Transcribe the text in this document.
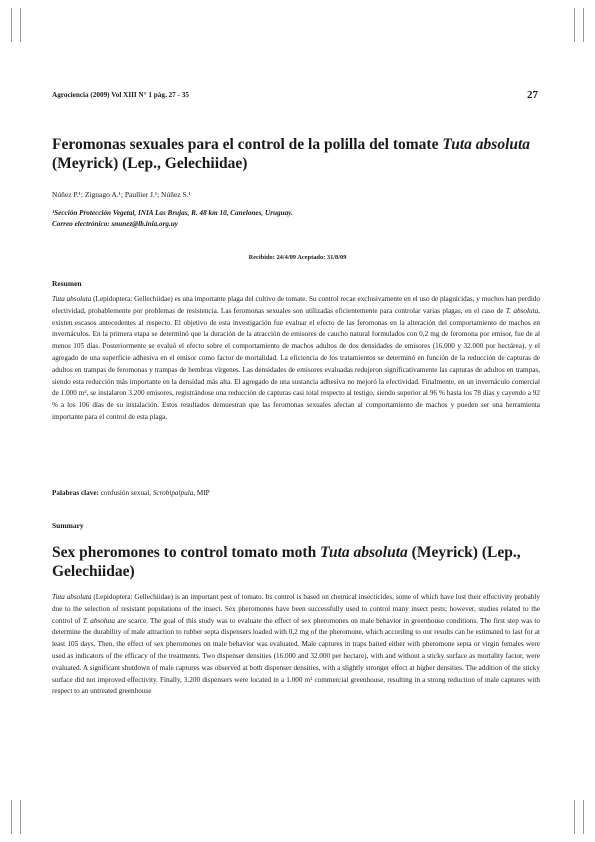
Agrociencia (2009) Vol XIII N° 1 pág. 27 - 35	27
Feromonas sexuales para el control de la polilla del tomate Tuta absoluta (Meyrick) (Lep., Gelechiidae)
Núñez P.¹; Zignago A.¹; Paullier J.¹; Núñez S.¹
¹Sección Protección Vegetal, INIA Las Brujas, R. 48 km 10, Canelones, Uruguay.
Correo electrónico: snunez@lb.inia.org.uy
Recibido: 24/4/09 Aceptado: 31/8/09
Resumen

Tuta absoluta (Lepidoptera: Gellechiidae) es una importante plaga del cultivo de tomate. Su control recae exclusivamente en el uso de plaguicidas, y muchos han perdido efectividad, probablemente por problemas de resistencia. Las feromonas sexuales son utilizadas eficientemente para controlar varias plagas, en el caso de T. absoluta, existen escasos antecedentes al respecto. El objetivo de esta investigación fue evaluar el efecto de las feromonas en la alteración del comportamiento de machos en invernáculos. En la primera etapa se determinó que la duración de la atracción de emisores de caucho natural formulados con 0,2 mg de feromona por emisor, fue de al menos 105 días. Posteriormente se evaluó el efecto sobre el comportamiento de machos adultos de dos densidades de emisores (16.000 y 32.000 por hectárea), y el agregado de una superficie adhesiva en el emisor como factor de mortalidad. La eficiencia de los tratamientos se determinó en función de la reducción de capturas de adultos en trampas de feromonas y trampas de hembras vírgenes. Las densidades de emisores evaluadas redujeron significativamente las capturas de adultos en trampas, siendo esta reducción más importante en la densidad más alta. El agregado de una sustancia adhesiva no mejoró la efectividad. Finalmente, en un invernáculo comercial de 1.000 m², se instalaron 3.200 emisores, registrándose una reducción de capturas casi total respecto al testigo, siendo superior al 96 % hasta los 78 días y cayendo a 92 % a los 106 días de su instalación. Estos resultados demuestran que las feromonas sexuales afectan al comportamiento de machos y pueden ser una herramienta importante para el control de esta plaga.

Palabras clave: confusión sexual, Scrobipalpula, MIP
Summary
Sex pheromones to control tomato moth Tuta absoluta (Meyrick) (Lep., Gelechiidae)

Tuta absoluta (Lepidoptera: Gellechiidae) is an important pest of tomato. Its control is based on chemical insecticides, some of which have lost their effectivity probably due to the selection of resistant populations of the insect. Sex pheromones have been successfully used to control many insect pests; however, studies related to the control of T. absoluta are scarce. The goal of this study was to evaluate the effect of sex pheromones on male behavior in greenhouse conditions. The first step was to determine the durability of male attraction to rubber septa dispensers loaded with 0,2 mg of the pheromone, which according to our results can be estimated to last for at least 105 days. Then, the effect of sex pheromones on male behavior was evaluated. Male captures in traps baited either with pheromone septa or virgin females were used as indicators of the efficacy of the treatments. Two dispenser densities (16.000 and 32.000 per hectare), with and without a sticky surface as mortality factor, were evaluated. A significant shutdown of male captures was observed at both dispenser densities, with a slightly stronger effect at higher densities. The addition of the sticky surface did not improved effectivity. Finally, 3.200 dispensers were located in a 1.000 m² commercial greenhouse, resulting in a strong reduction of male captures with respect to an untreated greenhouse
